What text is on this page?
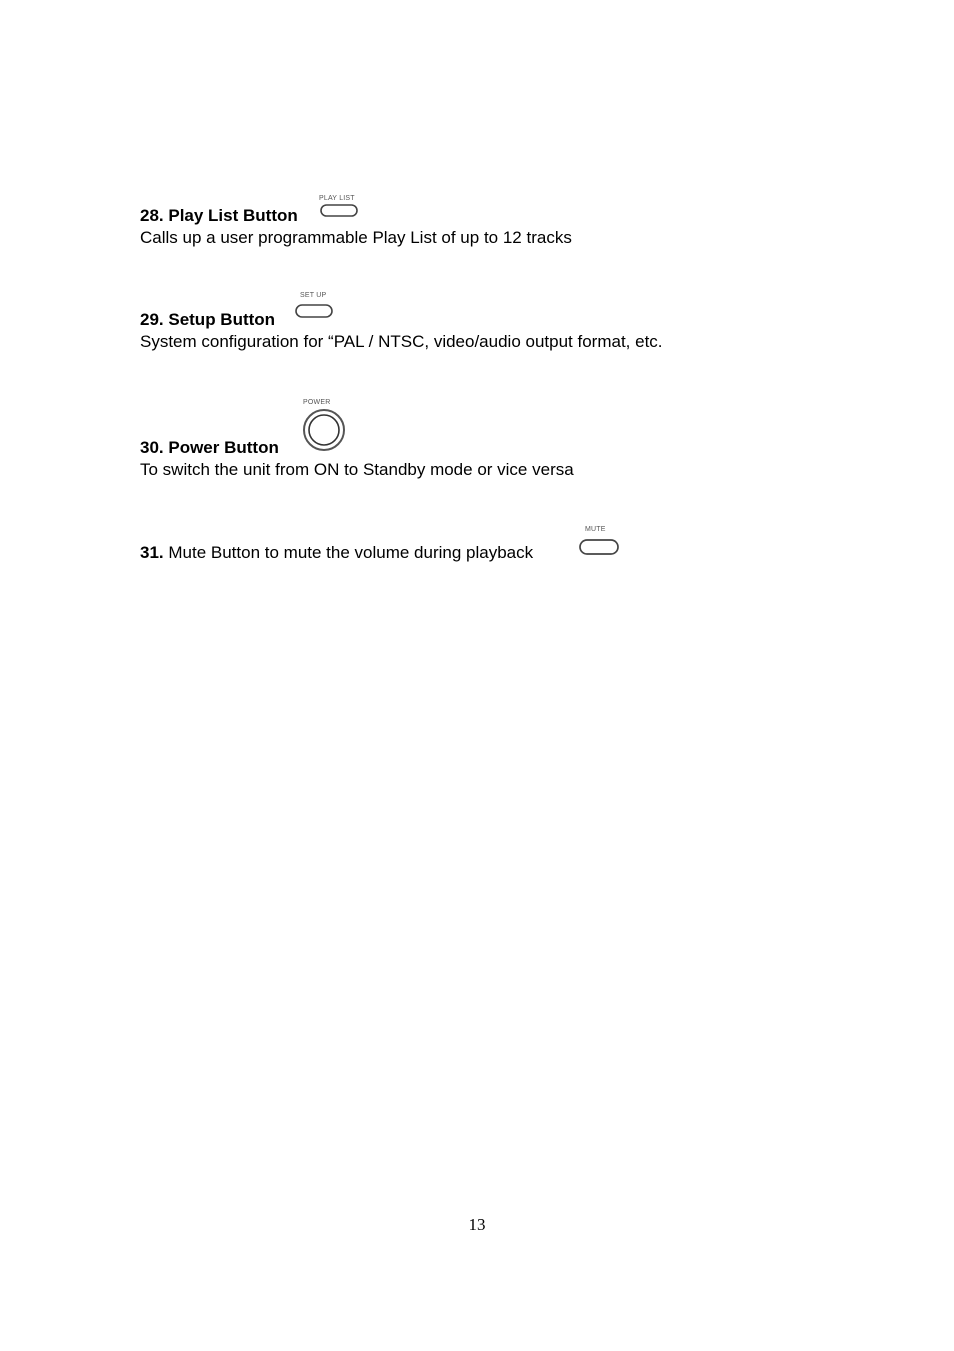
28. Play List Button
Calls up a user programmable Play List of up to 12 tracks
PLAY LIST
29. Setup Button
System configuration for “PAL / NTSC, video/audio output format, etc.
SET UP
30. Power Button
To switch the unit from ON to Standby mode or vice versa
POWER
31. Mute Button to mute the volume during playback
MUTE
13
